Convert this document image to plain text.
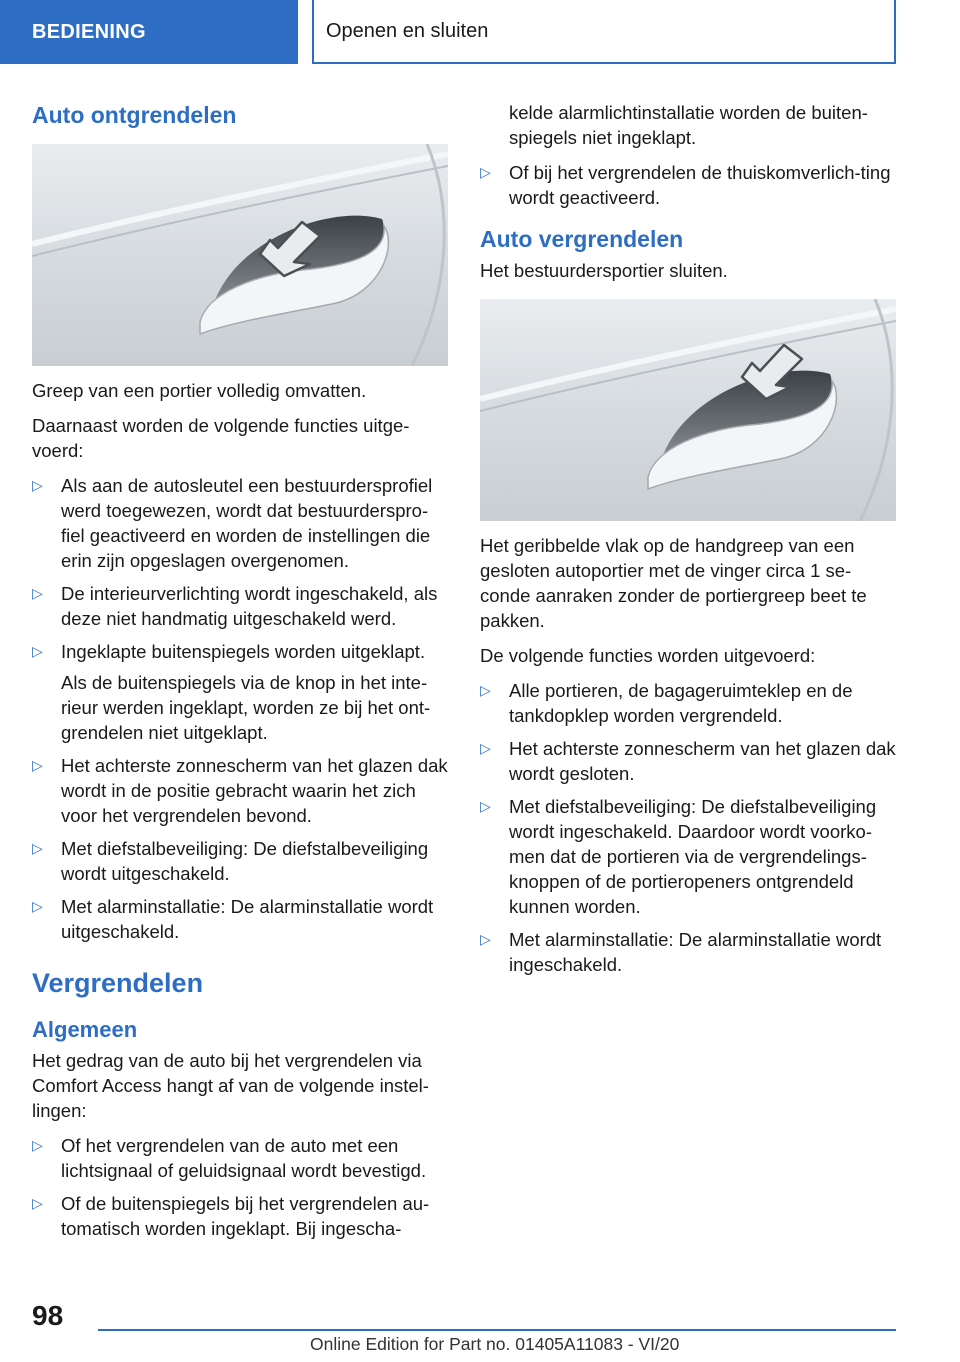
BEDIENING	Openen en sluiten
Auto ontgrendelen

Greep van een portier volledig omvatten.

Daarnaast worden de volgende functies uitge-voerd:

▷ Als aan de autosleutel een bestuurdersprofiel werd toegewezen, wordt dat bestuurderspro-fiel geactiveerd en worden de instellingen die erin zijn opgeslagen overgenomen.
▷ De interieurverlichting wordt ingeschakeld, als deze niet handmatig uitgeschakeld werd.
▷ Ingeklapte buitenspiegels worden uitgeklapt.
Als de buitenspiegels via de knop in het inte-rieur werden ingeklapt, worden ze bij het ont-grendelen niet uitgeklapt.
▷ Het achterste zonnescherm van het glazen dak wordt in de positie gebracht waarin het zich voor het vergrendelen bevond.
▷ Met diefstalbeveiliging: De diefstalbeveiliging wordt uitgeschakeld.
▷ Met alarminstallatie: De alarminstallatie wordt uitgeschakeld.
Vergrendelen
Algemeen

Het gedrag van de auto bij het vergrendelen via Comfort Access hangt af van de volgende instel-lingen:

▷ Of het vergrendelen van de auto met een lichtsignaal of geluidsignaal wordt bevestigd.
▷ Of de buitenspiegels bij het vergrendelen au-tomatisch worden ingeklapt. Bij ingescha-

kelde alarmlichtinstallatie worden de buiten-spiegels niet ingeklapt.

▷ Of bij het vergrendelen de thuiskomverlich-ting wordt geactiveerd.
Auto vergrendelen

Het bestuurdersportier sluiten.

Het geribbelde vlak op de handgreep van een gesloten autoportier met de vinger circa 1 se-conde aanraken zonder de portiergreep beet te pakken.

De volgende functies worden uitgevoerd:

▷ Alle portieren, de bagageruimteklep en de tankdopklep worden vergrendeld.
▷ Het achterste zonnescherm van het glazen dak wordt gesloten.
▷ Met diefstalbeveiliging: De diefstalbeveiliging wordt ingeschakeld. Daardoor wordt voorko-men dat de portieren via de vergrendelings-knoppen of de portieropeners ontgrendeld kunnen worden.
▷ Met alarminstallatie: De alarminstallatie wordt ingeschakeld.
98
Online Edition for Part no. 01405A11083 - VI/20
